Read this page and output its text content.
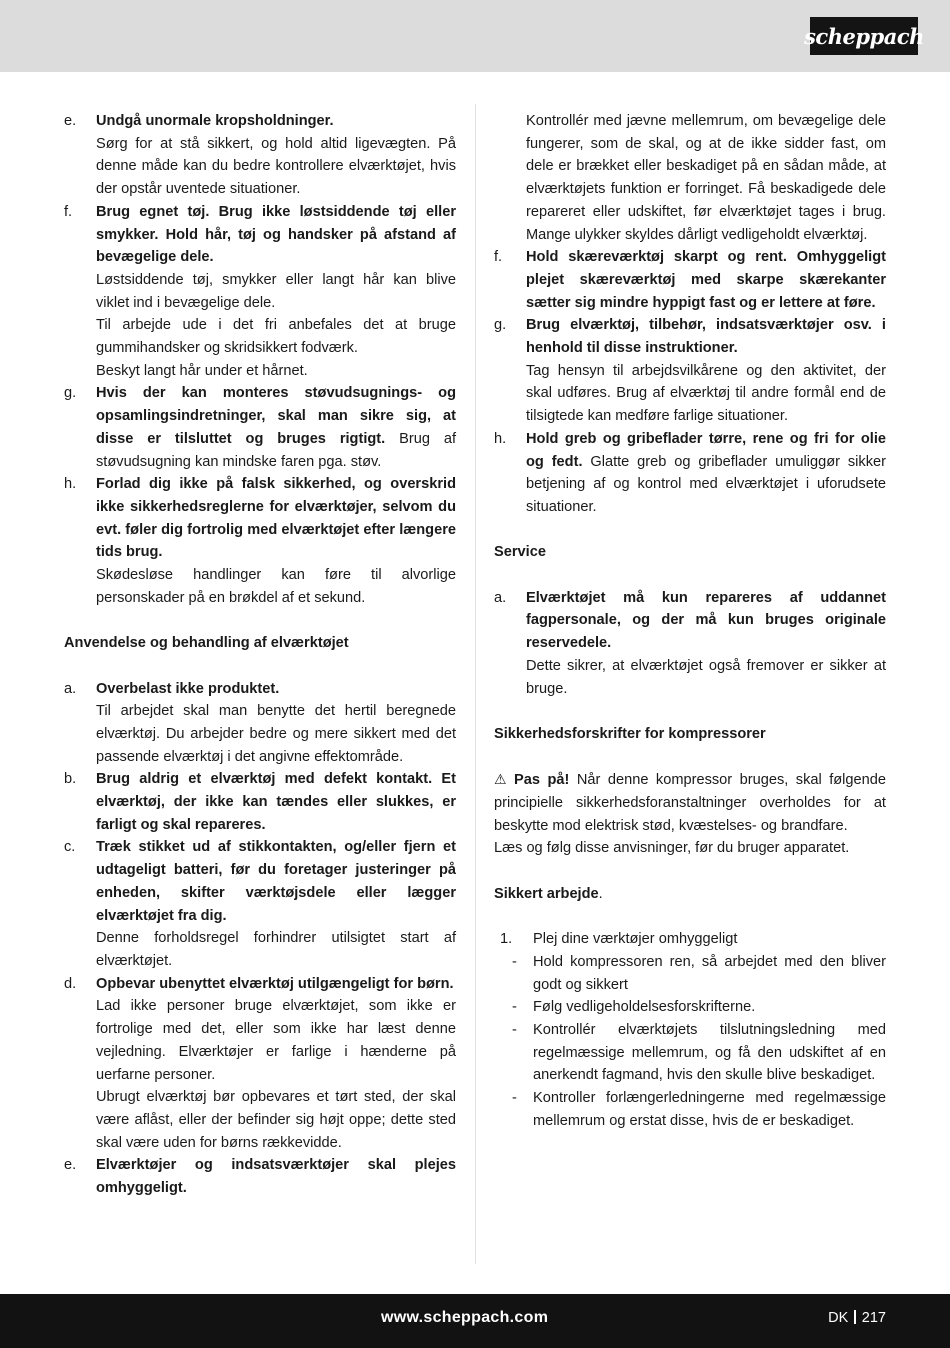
scheppach
e. Undgå unormale kropsholdninger.

Sørg for at stå sikkert, og hold altid ligevægten. På denne måde kan du bedre kontrollere elværktøjet, hvis der opstår uventede situationer.

f. Brug egnet tøj. Brug ikke løstsiddende tøj eller smykker. Hold hår, tøj og handsker på afstand af bevægelige dele.

Løstsiddende tøj, smykker eller langt hår kan blive viklet ind i bevægelige dele.

Til arbejde ude i det fri anbefales det at bruge gummihandsker og skridsikkert fodværk.

Beskyt langt hår under et hårnet.

g. Hvis der kan monteres støvudsugnings- og opsamlingsindretninger, skal man sikre sig, at disse er tilsluttet og bruges rigtigt. Brug af støvudsugning kan mindske faren pga. støv.

h. Forlad dig ikke på falsk sikkerhed, og overskrid ikke sikkerhedsreglerne for elværktøjer, selvom du evt. føler dig fortrolig med elværktøjet efter længere tids brug.

Skødesløse handlinger kan føre til alvorlige personskader på en brøkdel af et sekund.

Anvendelse og behandling af elværktøjet

a. Overbelast ikke produktet.

Til arbejdet skal man benytte det hertil beregnede elværktøj. Du arbejder bedre og mere sikkert med det passende elværktøj i det angivne effektområde.

b. Brug aldrig et elværktøj med defekt kontakt. Et elværktøj, der ikke kan tændes eller slukkes, er farligt og skal repareres.

c. Træk stikket ud af stikkontakten, og/eller fjern et udtageligt batteri, før du foretager justeringer på enheden, skifter værktøjsdele eller lægger elværktøjet fra dig.

Denne forholdsregel forhindrer utilsigtet start af elværktøjet.

d. Opbevar ubenyttet elværktøj utilgængeligt for børn.

Lad ikke personer bruge elværktøjet, som ikke er fortrolige med det, eller som ikke har læst denne vejledning. Elværktøjer er farlige i hænderne på uerfarne personer.

Ubrugt elværktøj bør opbevares et tørt sted, der skal være aflåst, eller der befinder sig højt oppe; dette sted skal være uden for børns rækkevidde.

e. Elværktøjer og indsatsværktøjer skal plejes omhyggeligt.

Kontrollér med jævne mellemrum, om bevægelige dele fungerer, som de skal, og at de ikke sidder fast, om dele er brækket eller beskadiget på en sådan måde, at elværktøjets funktion er forringet. Få beskadigede dele repareret eller udskiftet, før elværktøjet tages i brug. Mange ulykker skyldes dårligt vedligeholdt elværktøj.

f. Hold skæreværktøj skarpt og rent. Omhyggeligt plejet skæreværktøj med skarpe skærekanter sætter sig mindre hyppigt fast og er lettere at føre.

g. Brug elværktøj, tilbehør, indsatsværktøjer osv. i henhold til disse instruktioner.

Tag hensyn til arbejdsvilkårene og den aktivitet, der skal udføres. Brug af elværktøj til andre formål end de tilsigtede kan medføre farlige situationer.

h. Hold greb og gribeflader tørre, rene og fri for olie og fedt. Glatte greb og gribeflader umuliggør sikker betjening af og kontrol med elværktøjet i uforudsete situationer.

Service

a. Elværktøjet må kun repareres af uddannet fagpersonale, og der må kun bruges originale reservedele.

Dette sikrer, at elværktøjet også fremover er sikker at bruge.

Sikkerhedsforskrifter for kompressorer

⚠ Pas på! Når denne kompressor bruges, skal følgende principielle sikkerhedsforanstaltninger overholdes for at beskytte mod elektrisk stød, kvæstelses- og brandfare.

Læs og følg disse anvisninger, før du bruger apparatet.

Sikkert arbejde.

1. Plej dine værktøjer omhyggeligt

- Hold kompressoren ren, så arbejdet med den bliver godt og sikkert

- Følg vedligeholdelsesforskrifterne.

- Kontrollér elværktøjets tilslutningsledning med regelmæssige mellemrum, og få den udskiftet af en anerkendt fagmand, hvis den skulle blive beskadiget.

- Kontroller forlængerledningerne med regelmæssige mellemrum og erstat disse, hvis de er beskadiget.

www.scheppach.com	DK 217
